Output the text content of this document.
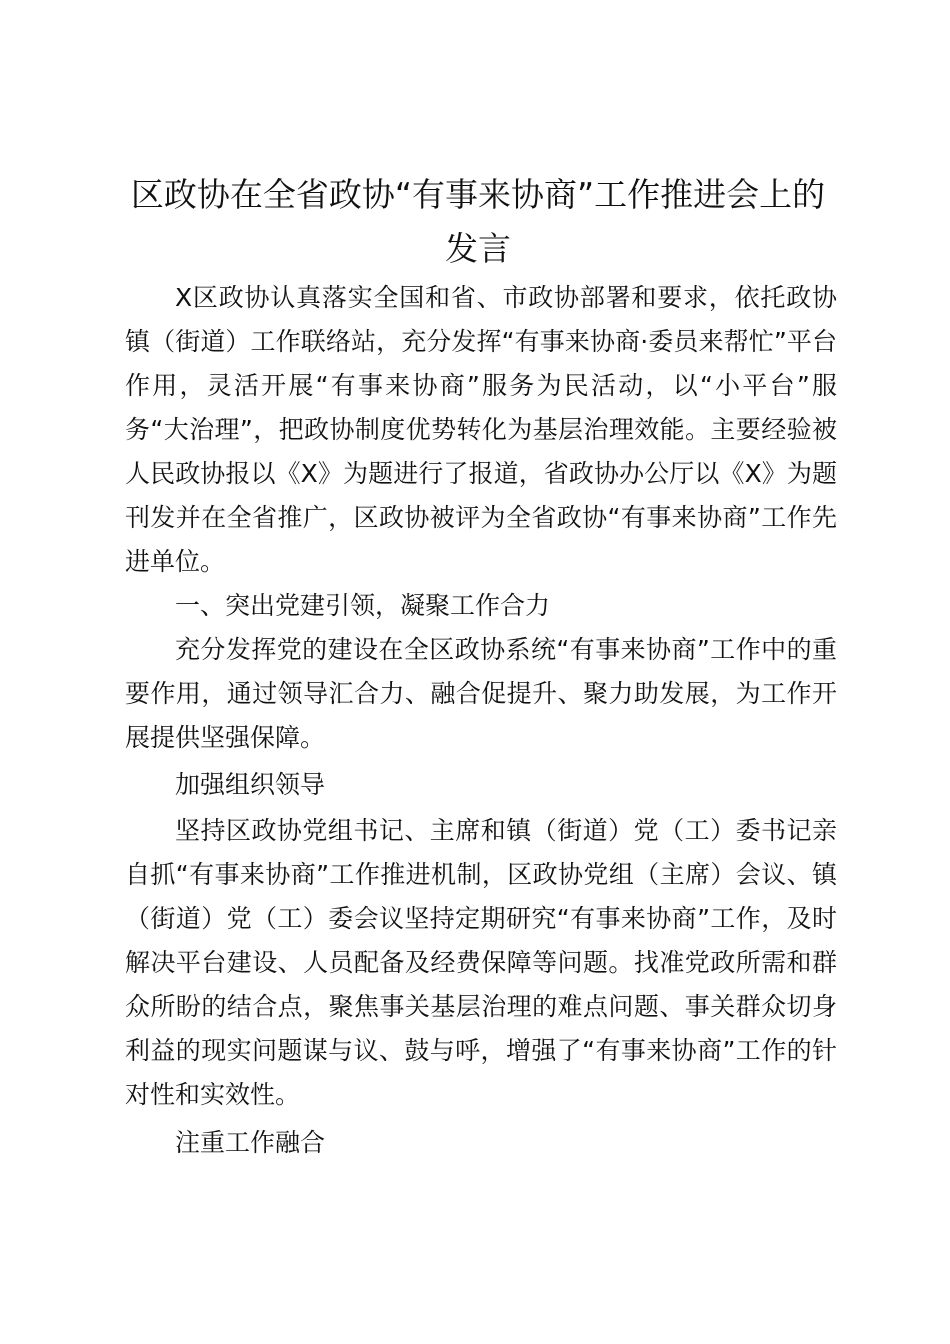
区政协在全省政协“有事来协商”工作推进会上的发言

X区政协认真落实全国和省、市政协部署和要求，依托政协镇（街道）工作联络站，充分发挥“有事来协商·委员来帮忙”平台作用，灵活开展“有事来协商”服务为民活动，以“小平台”服务“大治理”，把政协制度优势转化为基层治理效能。主要经验被人民政协报以《X》为题进行了报道，省政协办公厅以《X》为题刊发并在全省推广，区政协被评为全省政协“有事来协商”工作先进单位。

一、突出党建引领，凝聚工作合力

充分发挥党的建设在全区政协系统“有事来协商”工作中的重要作用，通过领导汇合力、融合促提升、聚力助发展，为工作开展提供坚强保障。

加强组织领导

坚持区政协党组书记、主席和镇（街道）党（工）委书记亲自抓“有事来协商”工作推进机制，区政协党组（主席）会议、镇（街道）党（工）委会议坚持定期研究“有事来协商”工作，及时解决平台建设、人员配备及经费保障等问题。找准党政所需和群众所盼的结合点，聚焦事关基层治理的难点问题、事关群众切身利益的现实问题谋与议、鼓与呼，增强了“有事来协商”工作的针对性和实效性。

注重工作融合
